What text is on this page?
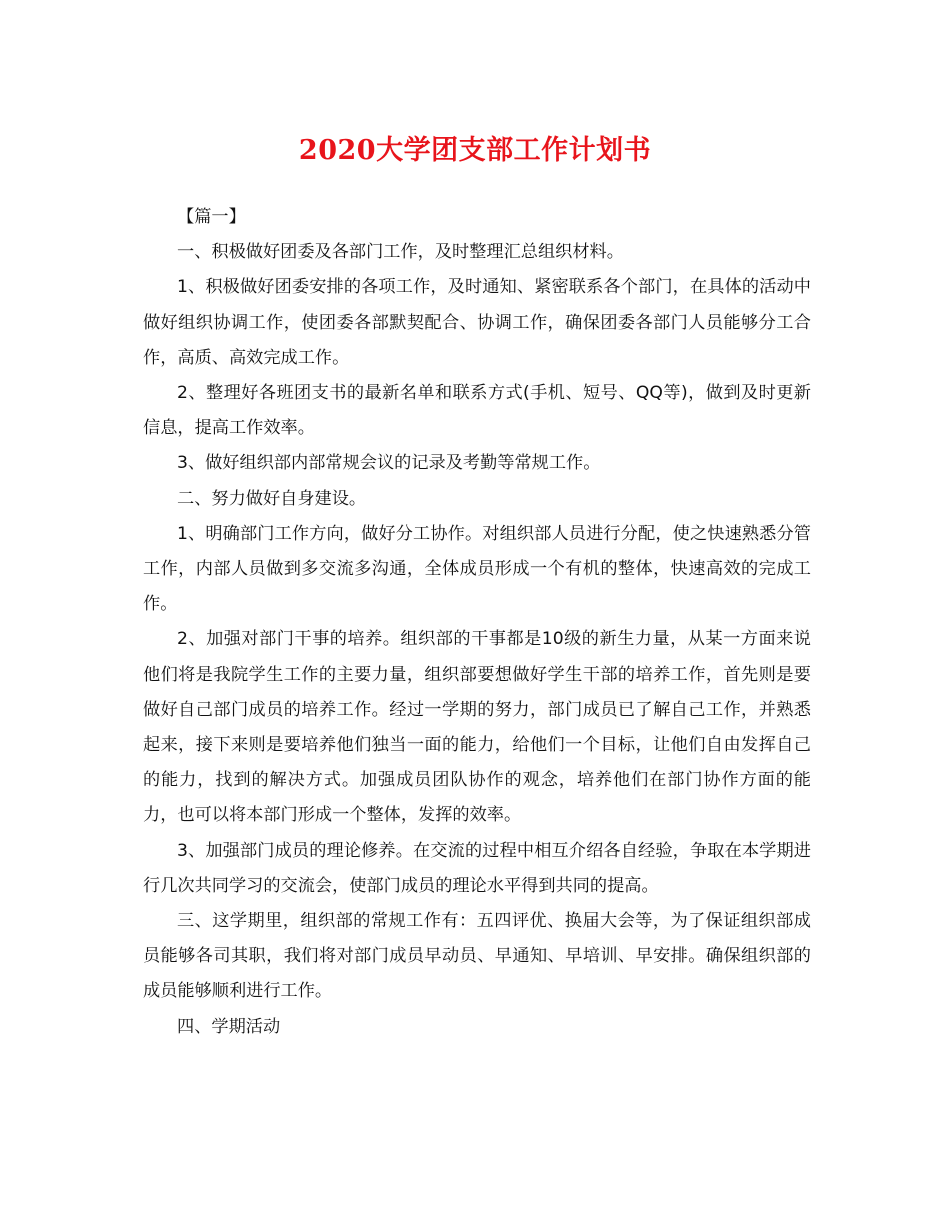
2020大学团支部工作计划书

【篇一】

一、积极做好团委及各部门工作，及时整理汇总组织材料。

1、积极做好团委安排的各项工作，及时通知、紧密联系各个部门，在具体的活动中做好组织协调工作，使团委各部默契配合、协调工作，确保团委各部门人员能够分工合作，高质、高效完成工作。

2、整理好各班团支书的最新名单和联系方式(手机、短号、QQ等)，做到及时更新信息，提高工作效率。

3、做好组织部内部常规会议的记录及考勤等常规工作。

二、努力做好自身建设。

1、明确部门工作方向，做好分工协作。对组织部人员进行分配，使之快速熟悉分管工作，内部人员做到多交流多沟通，全体成员形成一个有机的整体，快速高效的完成工作。

2、加强对部门干事的培养。组织部的干事都是10级的新生力量，从某一方面来说他们将是我院学生工作的主要力量，组织部要想做好学生干部的培养工作，首先则是要做好自己部门成员的培养工作。经过一学期的努力，部门成员已了解自己工作，并熟悉起来，接下来则是要培养他们独当一面的能力，给他们一个目标，让他们自由发挥自己的能力，找到的解决方式。加强成员团队协作的观念，培养他们在部门协作方面的能力，也可以将本部门形成一个整体，发挥的效率。

3、加强部门成员的理论修养。在交流的过程中相互介绍各自经验，争取在本学期进行几次共同学习的交流会，使部门成员的理论水平得到共同的提高。

三、这学期里，组织部的常规工作有：五四评优、换届大会等，为了保证组织部成员能够各司其职，我们将对部门成员早动员、早通知、早培训、早安排。确保组织部的成员能够顺利进行工作。

四、学期活动
